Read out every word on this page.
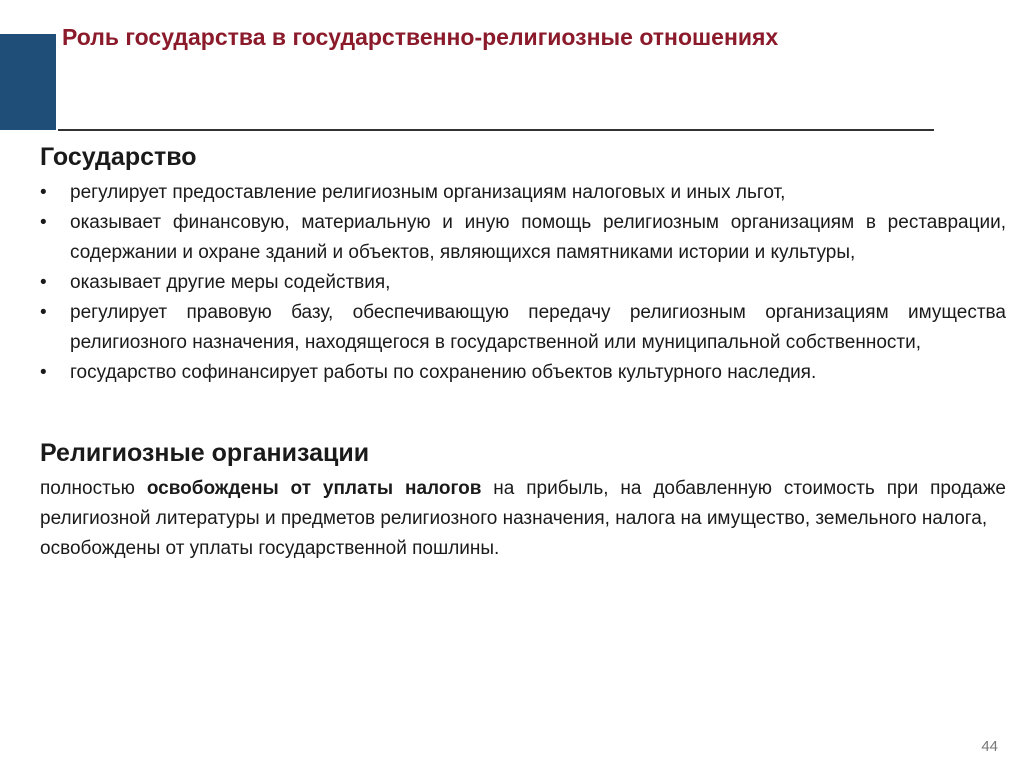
Роль государства в государственно-религиозные отношениях
Государство
• регулирует предоставление религиозным организациям налоговых и иных льгот,
• оказывает финансовую, материальную и иную помощь религиозным организациям в реставрации, содержании и охране зданий и объектов, являющихся памятниками истории и культуры,
• оказывает другие меры содействия,
• регулирует правовую базу, обеспечивающую передачу религиозным организациям имущества религиозного назначения, находящегося в государственной или муниципальной собственности,
• государство софинансирует работы по сохранению объектов культурного наследия.
Религиозные организации

полностью освобождены от уплаты налогов на прибыль, на добавленную стоимость при продаже религиозной литературы и предметов религиозного назначения, налога на имущество, земельного налога,
освобождены от уплаты государственной пошлины.

44
